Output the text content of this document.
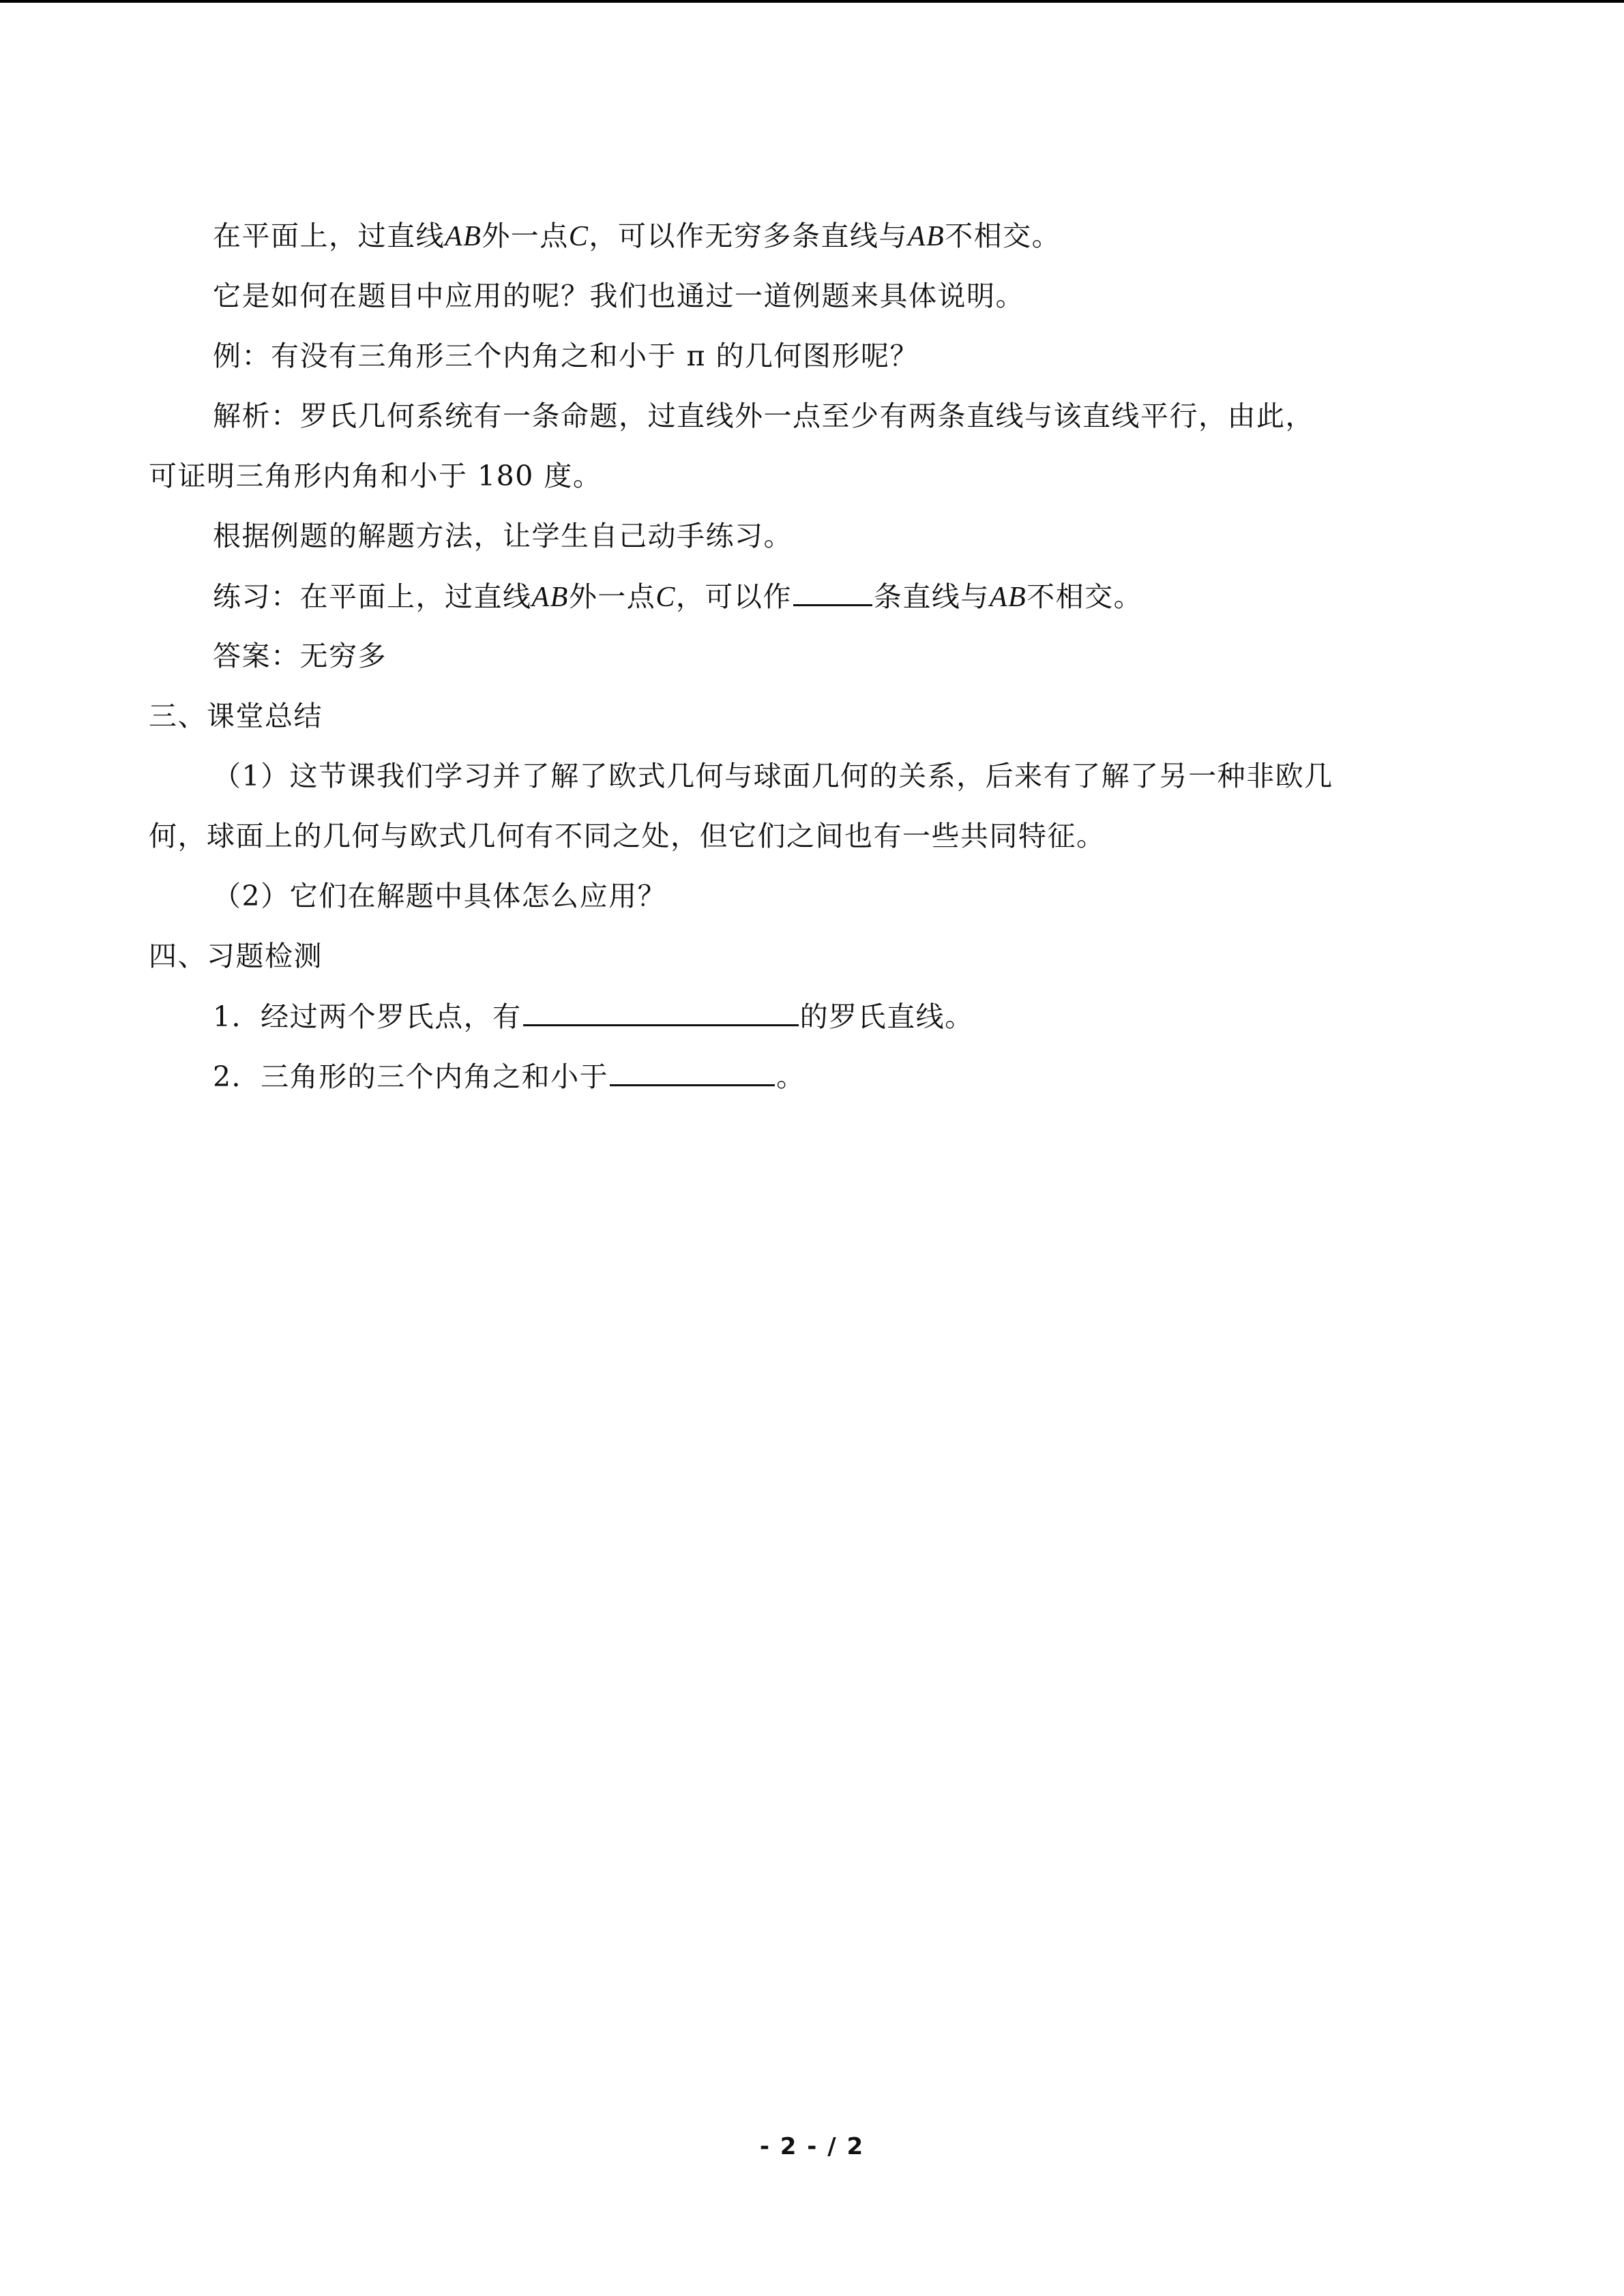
在平面上，过直线AB外一点C，可以作无穷多条直线与AB不相交。
它是如何在题目中应用的呢？我们也通过一道例题来具体说明。
例：有没有三角形三个内角之和小于 π 的几何图形呢？
解析：罗氏几何系统有一条命题，过直线外一点至少有两条直线与该直线平行，由此，
可证明三角形内角和小于 180 度。
根据例题的解题方法，让学生自己动手练习。
练习：在平面上，过直线AB外一点C，可以作	条直线与AB不相交。
答案：无穷多
三、课堂总结
（1）这节课我们学习并了解了欧式几何与球面几何的关系，后来有了解了另一种非欧几
何，球面上的几何与欧式几何有不同之处，但它们之间也有一些共同特征。
（2）它们在解题中具体怎么应用？
四、习题检测
1．经过两个罗氏点，有	的罗氏直线。
2．三角形的三个内角之和小于	。
- 2 - / 2
